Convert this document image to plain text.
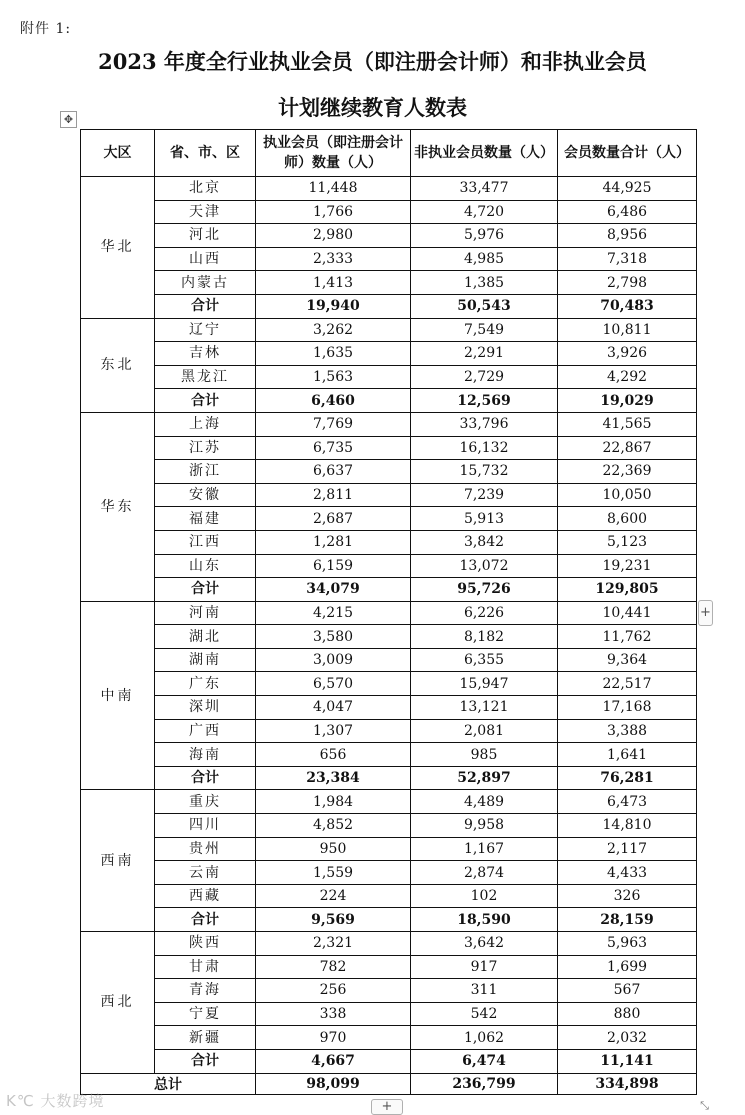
附件 1:
2023 年度全行业执业会员（即注册会计师）和非执业会员
计划继续教育人数表
✥
大区	省、市、区	执业会员（即注册会计师）数量（人）	非执业会员数量（人）	会员数量合计（人）
华北	北京	11,448	33,477	44,925
	天津	1,766	4,720	6,486
	河北	2,980	5,976	8,956
	山西	2,333	4,985	7,318
	内蒙古	1,413	1,385	2,798
	合计	19,940	50,543	70,483
东北	辽宁	3,262	7,549	10,811
	吉林	1,635	2,291	3,926
	黑龙江	1,563	2,729	4,292
	合计	6,460	12,569	19,029
华东	上海	7,769	33,796	41,565
	江苏	6,735	16,132	22,867
	浙江	6,637	15,732	22,369
	安徽	2,811	7,239	10,050
	福建	2,687	5,913	8,600
	江西	1,281	3,842	5,123
	山东	6,159	13,072	19,231
	合计	34,079	95,726	129,805
中南	河南	4,215	6,226	10,441
	湖北	3,580	8,182	11,762
	湖南	3,009	6,355	9,364
	广东	6,570	15,947	22,517
	深圳	4,047	13,121	17,168
	广西	1,307	2,081	3,388
	海南	656	985	1,641
	合计	23,384	52,897	76,281
西南	重庆	1,984	4,489	6,473
	四川	4,852	9,958	14,810
	贵州	950	1,167	2,117
	云南	1,559	2,874	4,433
	西藏	224	102	326
	合计	9,569	18,590	28,159
西北	陕西	2,321	3,642	5,963
	甘肃	782	917	1,699
	青海	256	311	567
	宁夏	338	542	880
	新疆	970	1,062	2,032
	合计	4,667	6,474	11,141
总计		98,099	236,799	334,898
+
+	⤡
K℃ 大数跨境
